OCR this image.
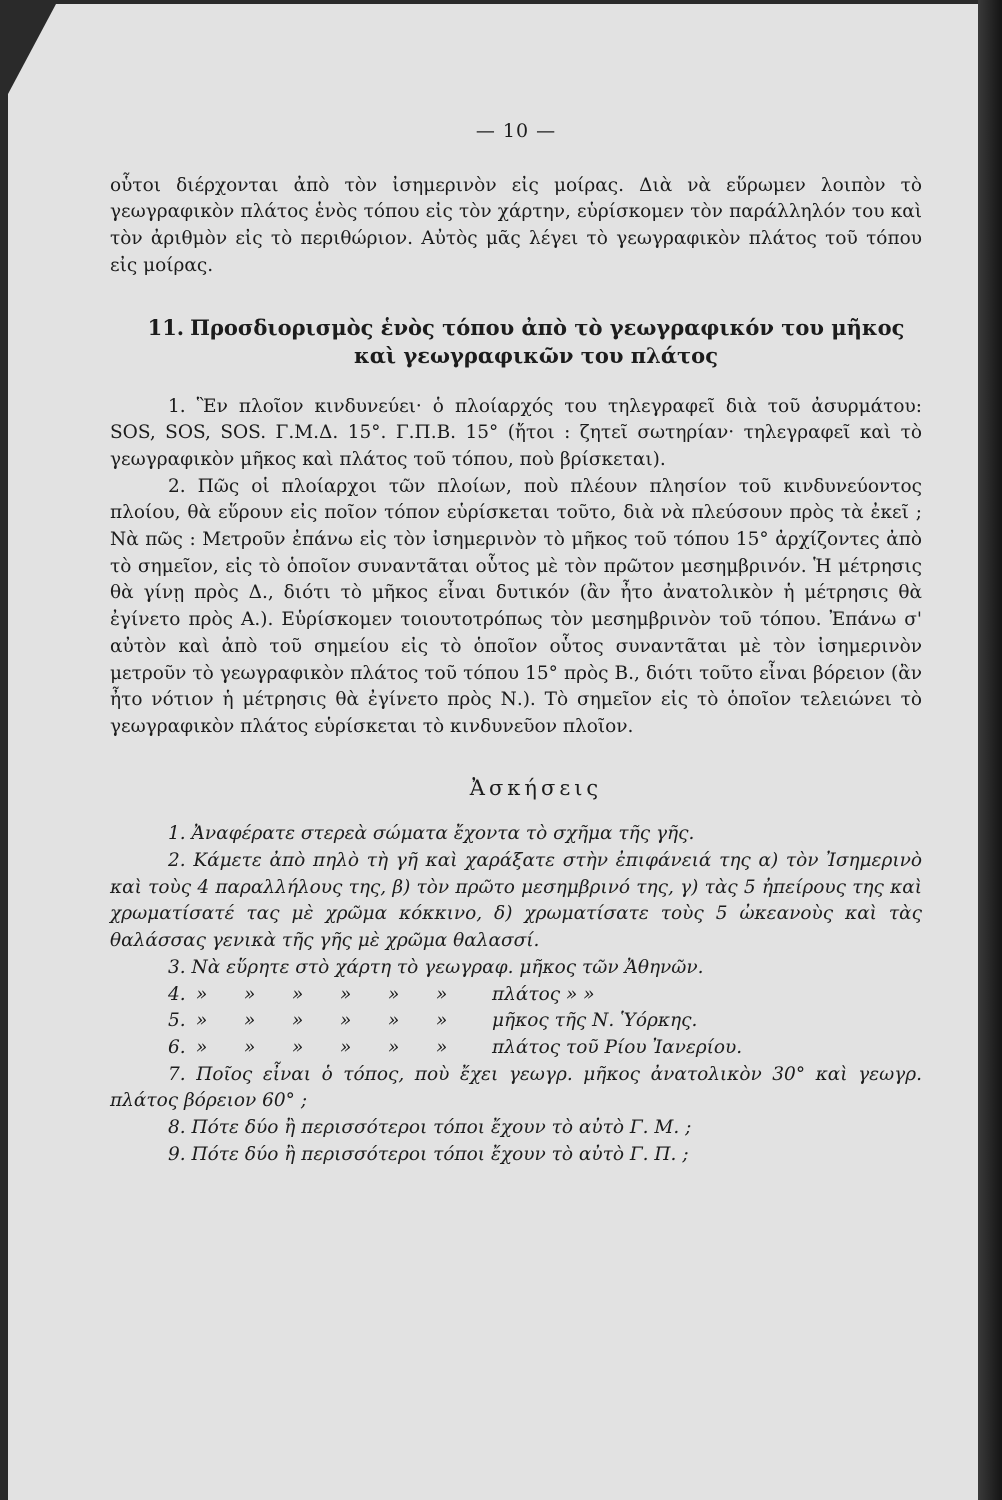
— 10 —

οὗτοι διέρχονται ἀπὸ τὸν ἰσημερινὸν εἰς μοίρας. Διὰ νὰ εὕρωμεν λοιπὸν τὸ γεωγραφικὸν πλάτος ἑνὸς τόπου εἰς τὸν χάρτην, εὑρίσκομεν τὸν παράλληλόν του καὶ τὸν ἀριθμὸν εἰς τὸ περιθώριον. Αὐτὸς μᾶς λέγει τὸ γεωγραφικὸν πλάτος τοῦ τόπου εἰς μοίρας.

11. Προσδιορισμὸς ἑνὸς τόπου ἀπὸ τὸ γεωγραφικόν του μῆκος
καὶ γεωγραφικῶν του πλάτος

1. Ἓν πλοῖον κινδυνεύει· ὁ πλοίαρχός του τηλεγραφεῖ διὰ τοῦ ἀσυρμάτου: SOS, SOS, SOS. Γ.Μ.Δ. 15°. Γ.Π.Β. 15° (ἤτοι : ζητεῖ σωτηρίαν· τηλεγραφεῖ καὶ τὸ γεωγραφικὸν μῆκος καὶ πλάτος τοῦ τόπου, ποὺ βρίσκεται).

2. Πῶς οἱ πλοίαρχοι τῶν πλοίων, ποὺ πλέουν πλησίον τοῦ κινδυνεύοντος πλοίου, θὰ εὕρουν εἰς ποῖον τόπον εὑρίσκεται τοῦτο, διὰ νὰ πλεύσουν πρὸς τὰ ἐκεῖ ; Νὰ πῶς : Μετροῦν ἐπάνω εἰς τὸν ἰσημερινὸν τὸ μῆκος τοῦ τόπου 15° ἀρχίζοντες ἀπὸ τὸ σημεῖον, εἰς τὸ ὁποῖον συναντᾶται οὗτος μὲ τὸν πρῶτον μεσημβρινόν. Ἡ μέτρησις θὰ γίνῃ πρὸς Δ., διότι τὸ μῆκος εἶναι δυτικόν (ἂν ἦτο ἀνατολικὸν ἡ μέτρησις θὰ ἐγίνετο πρὸς Α.). Εὑρίσκομεν τοιουτοτρόπως τὸν μεσημβρινὸν τοῦ τόπου. Ἐπάνω σ' αὐτὸν καὶ ἀπὸ τοῦ σημείου εἰς τὸ ὁποῖον οὗτος συναντᾶται μὲ τὸν ἰσημερινὸν μετροῦν τὸ γεωγραφικὸν πλάτος τοῦ τόπου 15° πρὸς Β., διότι τοῦτο εἶναι βόρειον (ἂν ἦτο νότιον ἡ μέτρησις θὰ ἐγίνετο πρὸς Ν.). Τὸ σημεῖον εἰς τὸ ὁποῖον τελειώνει τὸ γεωγραφικὸν πλάτος εὑρίσκεται τὸ κινδυνεῦον πλοῖον.

Ἀσκήσεις

1. Ἀναφέρατε στερεὰ σώματα ἔχοντα τὸ σχῆμα τῆς γῆς.

2. Κάμετε ἀπὸ πηλὸ τὴ γῆ καὶ χαράξατε στὴν ἐπιφάνειά της α) τὸν Ἰσημερινὸ καὶ τοὺς 4 παραλλήλους της, β) τὸν πρῶτο μεσημβρινό της, γ) τὰς 5 ἠπείρους της καὶ χρωματίσατέ τας μὲ χρῶμα κόκκινο, δ) χρωματίσατε τοὺς 5 ὠκεανοὺς καὶ τὰς θαλάσσας γενικὰ τῆς γῆς μὲ χρῶμα θαλασσί.

3. Νὰ εὕρητε στὸ χάρτη τὸ γεωγραφ. μῆκος τῶν Ἀθηνῶν.

4. »	»	»	»	»	»	πλάτος » »
5. »	»	»	»	»	»	μῆκος τῆς Ν. Ὑόρκης.
6. »	»	»	»	»	»	πλάτος τοῦ Ρίου Ἰανερίου.

7. Ποῖος εἶναι ὁ τόπος, ποὺ ἔχει γεωγρ. μῆκος ἀνατολικὸν 30° καὶ γεωγρ. πλάτος βόρειον 60° ;

8. Πότε δύο ἢ περισσότεροι τόποι ἔχουν τὸ αὐτὸ Γ. Μ. ;

9. Πότε δύο ἢ περισσότεροι τόποι ἔχουν τὸ αὐτὸ Γ. Π. ;
